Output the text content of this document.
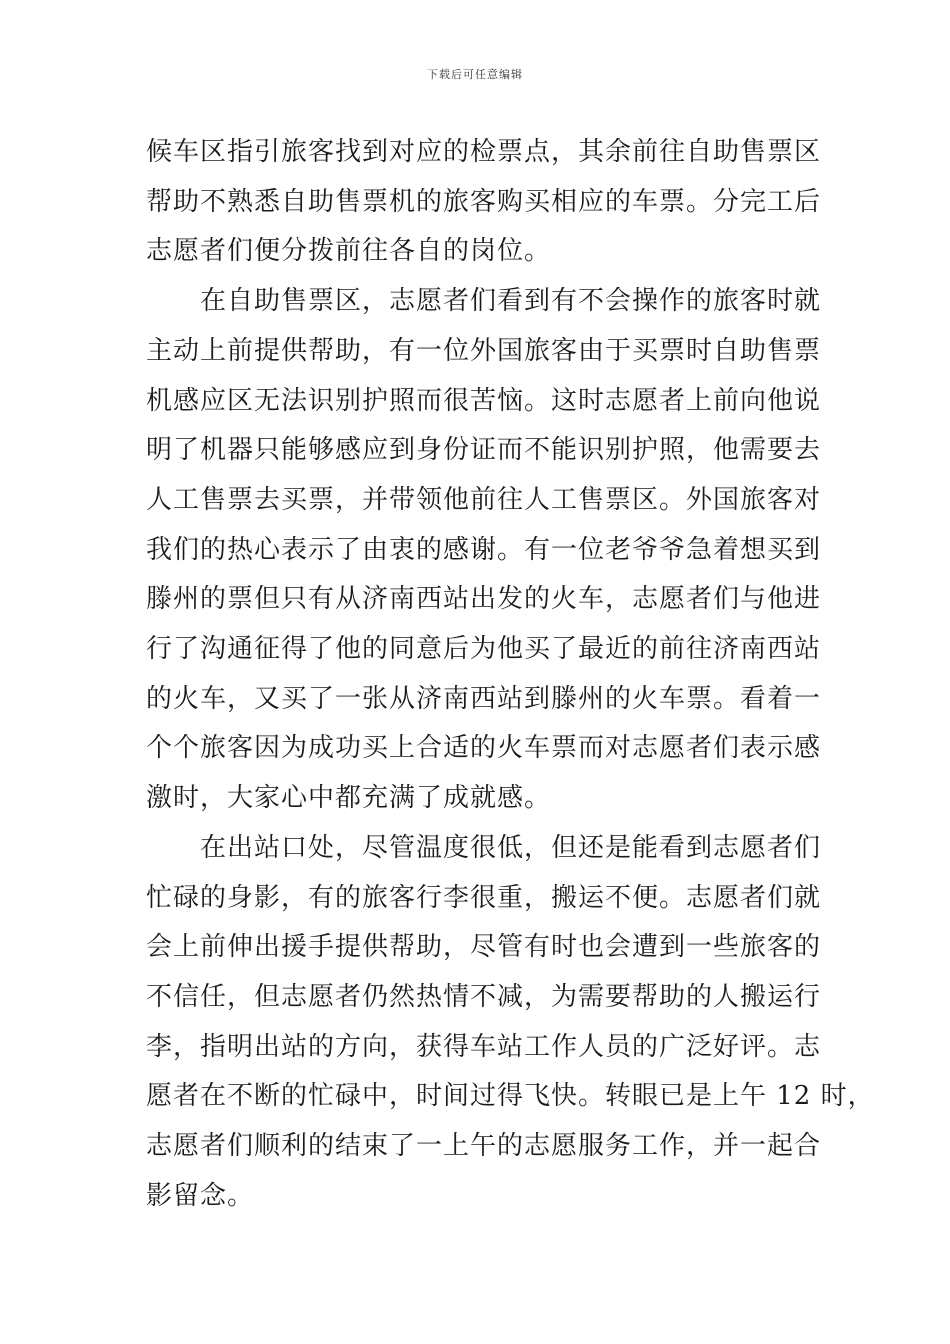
下载后可任意编辑
候车区指引旅客找到对应的检票点，其余前往自助售票区
帮助不熟悉自助售票机的旅客购买相应的车票。分完工后
志愿者们便分拨前往各自的岗位。
　　在自助售票区，志愿者们看到有不会操作的旅客时就
主动上前提供帮助，有一位外国旅客由于买票时自助售票
机感应区无法识别护照而很苦恼。这时志愿者上前向他说
明了机器只能够感应到身份证而不能识别护照，他需要去
人工售票去买票，并带领他前往人工售票区。外国旅客对
我们的热心表示了由衷的感谢。有一位老爷爷急着想买到
滕州的票但只有从济南西站出发的火车，志愿者们与他进
行了沟通征得了他的同意后为他买了最近的前往济南西站
的火车，又买了一张从济南西站到滕州的火车票。看着一
个个旅客因为成功买上合适的火车票而对志愿者们表示感
激时，大家心中都充满了成就感。
　　在出站口处，尽管温度很低，但还是能看到志愿者们
忙碌的身影，有的旅客行李很重，搬运不便。志愿者们就
会上前伸出援手提供帮助，尽管有时也会遭到一些旅客的
不信任，但志愿者仍然热情不减，为需要帮助的人搬运行
李，指明出站的方向，获得车站工作人员的广泛好评。志
愿者在不断的忙碌中，时间过得飞快。转眼已是上午 12 时，
志愿者们顺利的结束了一上午的志愿服务工作，并一起合
影留念。
